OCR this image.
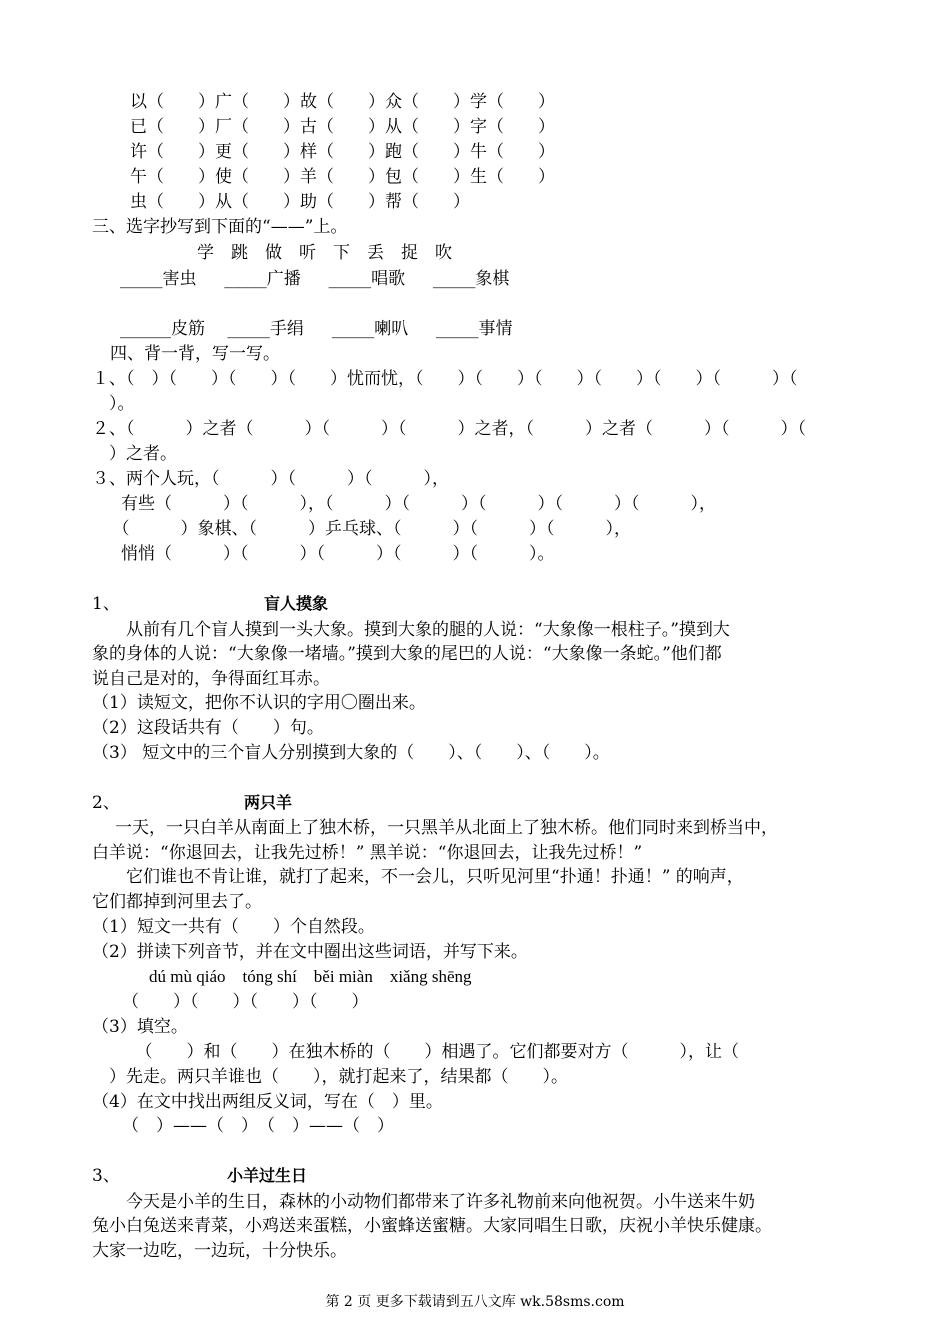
以（　　）广（　　）故（　　）众（　　）学（　　）
已（　　）厂（　　）古（　　）从（　　）字（　　）
许（　　）更（　　）样（　　）跑（　　）牛（　　）
午（　　）使（　　）羊（　　）包（　　）生（　　）
虫（　　）从（　　）助（　　）帮（　　）
三、选字抄写到下面的“——”上。
学　跳　做　听　下　丢　捉　吹
_____害虫　  _____广播　  _____唱歌　  _____象棋
______皮筋　 _____手绢　  _____喇叭　  _____事情
四、背一背，写一写。
１、（　）（　　）（　　）（　　）忧而忧，（　　）（　　）（　　）（　　）（　　）（　　　）（
　）。
２、（　　　）之者（　　　）（　　　）（　　　）之者，（　　　）之者（　　　）（　　　）（
　）之者。
３、两个人玩，（　　　）（　　　）（　　　），
　有些（　　　）（　　　），（　　　）（　　　）（　　　）（　　　）（　　　），
　（　　　）象棋、（　　　）乒乓球、（　　　）（　　　）（　　　），
　悄悄（　　　）（　　　）（　　　）（　　　）（　　　）。
1、	盲人摸象
　　从前有几个盲人摸到一头大象。摸到大象的腿的人说：“大象像一根柱子。”摸到大
象的身体的人说：“大象像一堵墙。”摸到大象的尾巴的人说：“大象像一条蛇。”他们都
说自己是对的，争得面红耳赤。
（1）读短文，把你不认识的字用〇圈出来。
（2）这段话共有（　　）句。
（3） 短文中的三个盲人分别摸到大象的（　　）、（　　）、（　　）。
2、	两只羊
　一天，一只白羊从南面上了独木桥，一只黑羊从北面上了独木桥。他们同时来到桥当中，
白羊说：“你退回去，让我先过桥！” 黑羊说：“你退回去，让我先过桥！”
　　它们谁也不肯让谁，就打了起来，不一会儿，只听见河里“扑通！扑通！” 的响声，
它们都掉到河里去了。
（1）短文一共有（　　）个自然段。
（2）拼读下列音节，并在文中圈出这些词语，并写下来。
dú mù qiáo　tóng shí　běi miàn　xiǎng shēng
（　　）（　　）（　　）（　　）
（3）填空。
　　（　　）和（　　）在独木桥的（　　）相遇了。它们都要对方（　　　），让（
　）先走。两只羊谁也（　　），就打起来了，结果都（　　）。
（4）在文中找出两组反义词，写在（　）里。
（　）——（　）　（　）——（　）
3、	小羊过生日
　　今天是小羊的生日，森林的小动物们都带来了许多礼物前来向他祝贺。小牛送来牛奶
兔小白兔送来青菜，小鸡送来蛋糕，小蜜蜂送蜜糖。大家同唱生日歌，庆祝小羊快乐健康。
大家一边吃，一边玩，十分快乐。
第 2 页 更多下载请到五八文库 wk.58sms.com
